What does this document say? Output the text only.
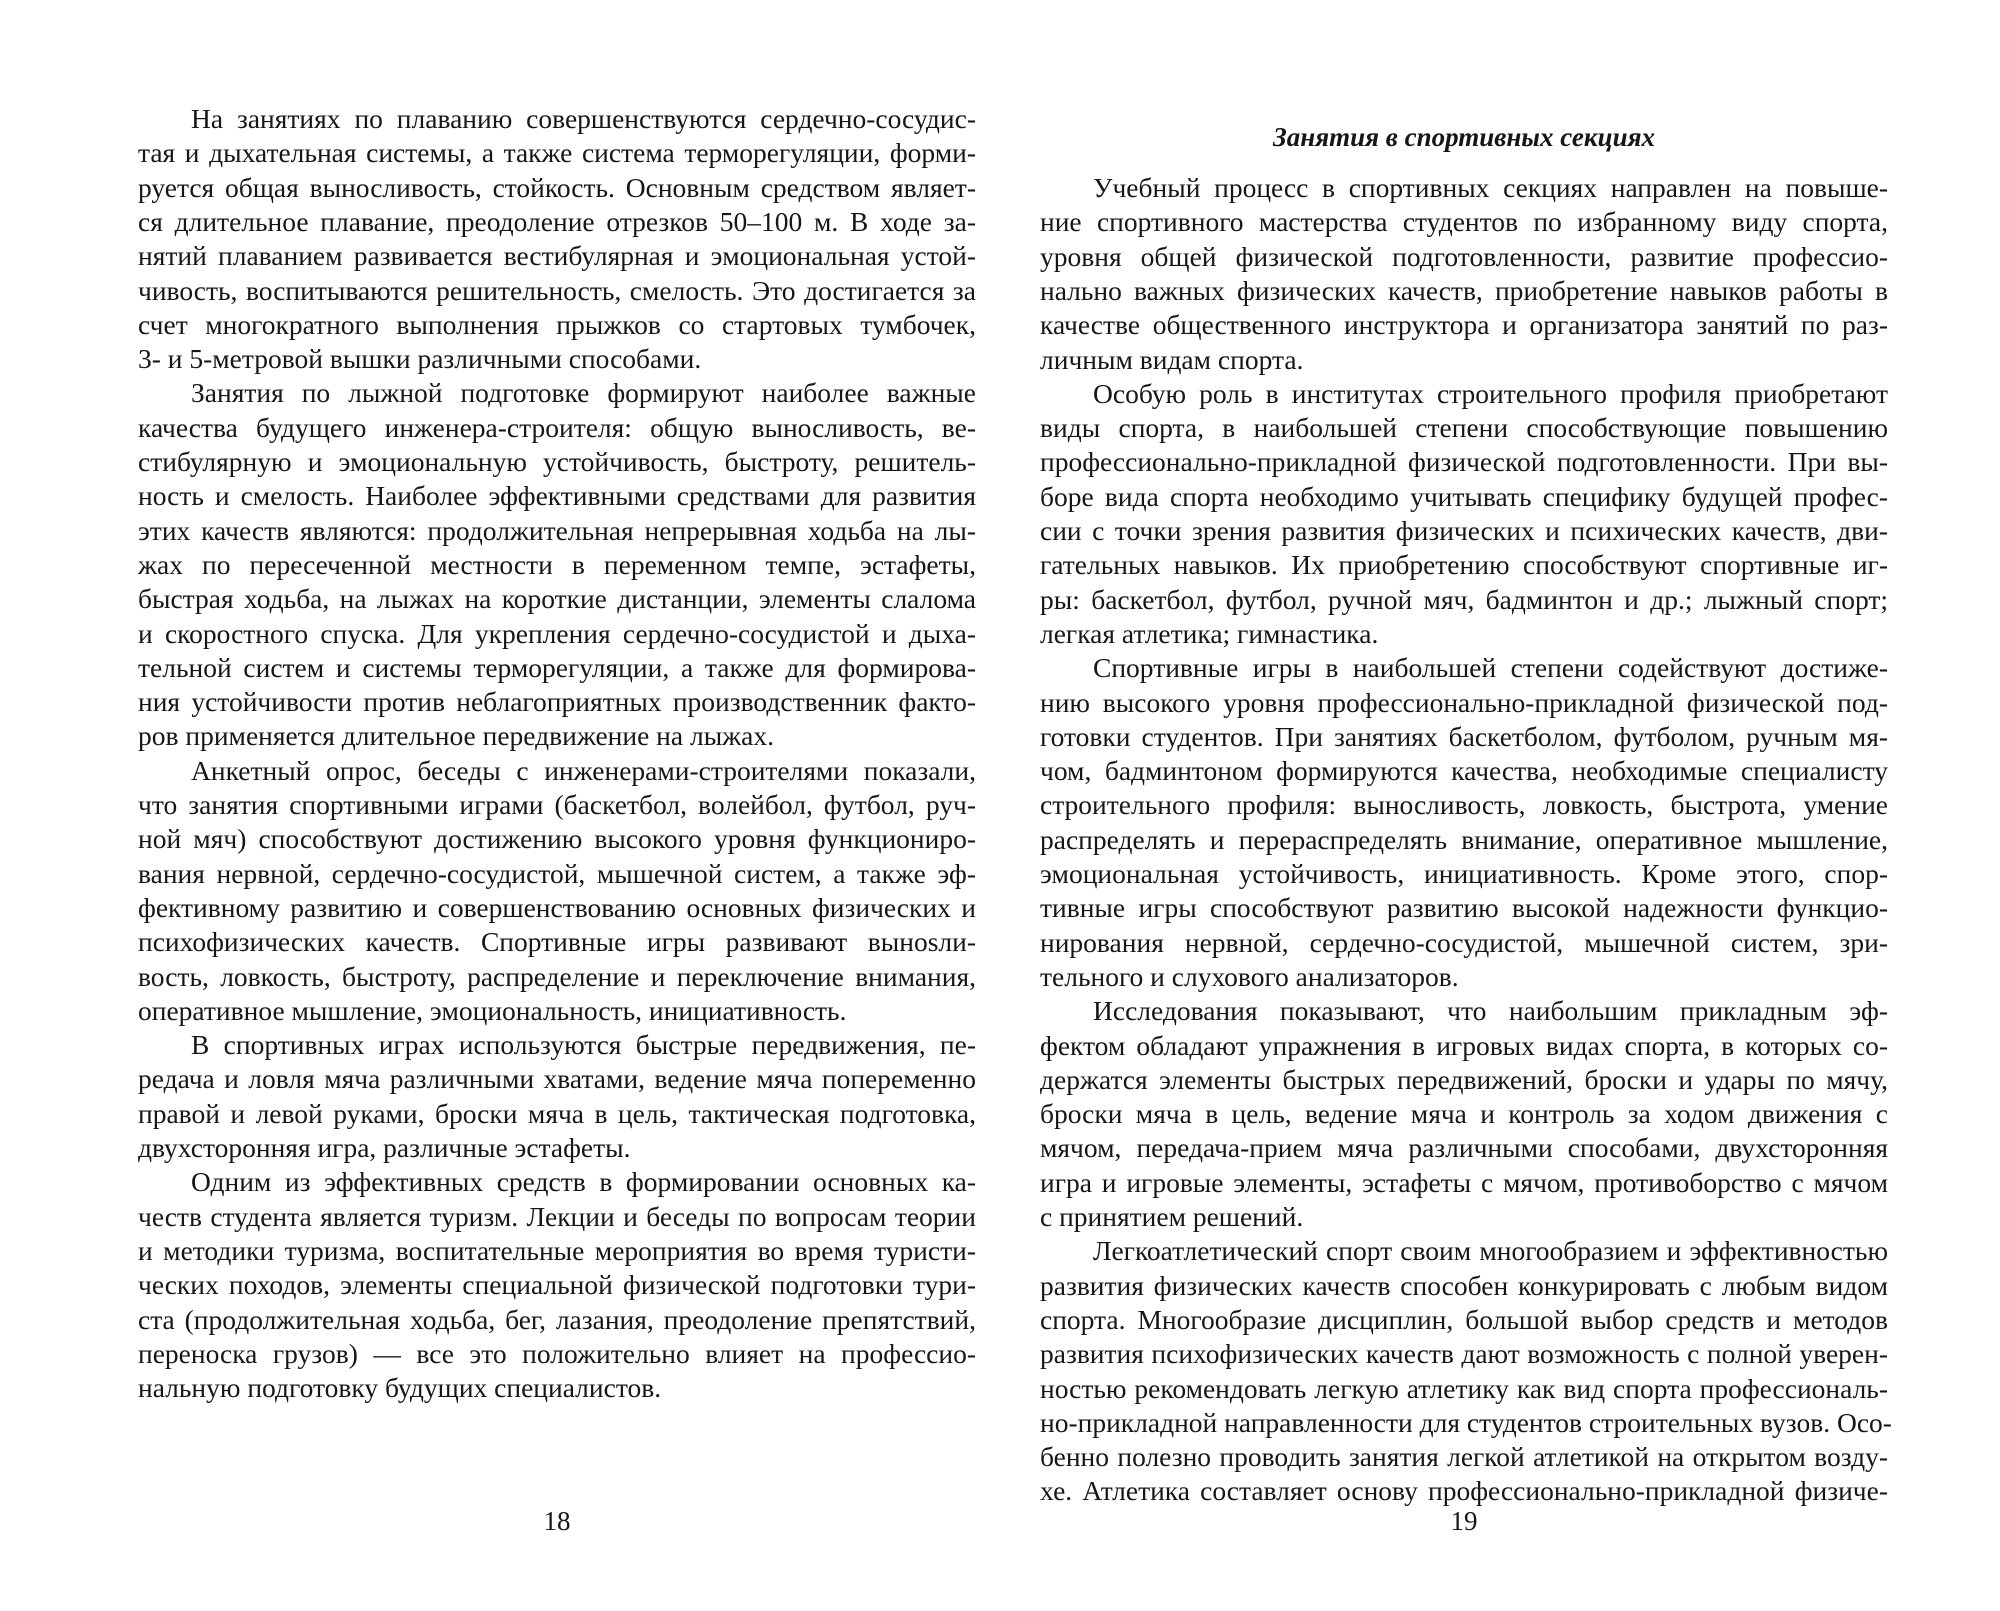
На занятиях по плаванию совершенствуются сердечно-сосудис-
тая и дыхательная системы, а также система терморегуляции, форми-
руется общая выносливость, стойкость. Основным средством являет-
ся длительное плавание, преодоление отрезков 50–100 м. В ходе за-
нятий плаванием развивается вестибулярная и эмоциональная устой-
чивость, воспитываются решительность, смелость. Это достигается за
счет многократного выполнения прыжков со стартовых тумбочек,
3- и 5-метровой вышки различными способами.
Занятия по лыжной подготовке формируют наиболее важные
качества будущего инженера-строителя: общую выносливость, ве-
стибулярную и эмоциональную устойчивость, быстроту, решитель-
ность и смелость. Наиболее эффективными средствами для развития
этих качеств являются: продолжительная непрерывная ходьба на лы-
жах по пересеченной местности в переменном темпе, эстафеты,
быстрая ходьба, на лыжах на короткие дистанции, элементы слалома
и скоростного спуска. Для укрепления сердечно-сосудистой и дыха-
тельной систем и системы терморегуляции, а также для формирова-
ния устойчивости против неблагоприятных производственник факто-
ров применяется длительное передвижение на лыжах.
Анкетный опрос, беседы с инженерами-строителями показали,
что занятия спортивными играми (баскетбол, волейбол, футбол, руч-
ной мяч) способствуют достижению высокого уровня функциониро-
вания нервной, сердечно-сосудистой, мышечной систем, а также эф-
фективному развитию и совершенствованию основных физических и
психофизических качеств. Спортивные игры развивают вынosли-
вость, ловкость, быстроту, распределение и переключение внимания,
оперативное мышление, эмоциональность, инициативность.
В спортивных играх используются быстрые передвижения, пе-
редача и ловля мяча различными хватами, ведение мяча попеременно
правой и левой руками, броски мяча в цель, тактическая подготовка,
двухсторонняя игра, различные эстафеты.
Одним из эффективных средств в формировании основных ка-
честв студента является туризм. Лекции и беседы по вопросам теории
и методики туризма, воспитательные мероприятия во время туристи-
ческих походов, элементы специальной физической подготовки тури-
ста (продолжительная ходьба, бег, лазания, преодоление препятствий,
переноска грузов) — все это положительно влияет на профессио-
нальную подготовку будущих специалистов.
18
Занятия в спортивных секциях
Учебный процесс в спортивных секциях направлен на повыше-
ние спортивного мастерства студентов по избранному виду спорта,
уровня общей физической подготовленности, развитие профессио-
нально важных физических качеств, приобретение навыков работы в
качестве общественного инструктора и организатора занятий по раз-
личным видам спорта.
Особую роль в институтах строительного профиля приобретают
виды спорта, в наибольшей степени способствующие повышению
профессионально-прикладной физической подготовленности. При вы-
боре вида спорта необходимо учитывать специфику будущей профес-
сии с точки зрения развития физических и психических качеств, дви-
гательных навыков. Их приобретению способствуют спортивные иг-
ры: баскетбол, футбол, ручной мяч, бадминтон и др.; лыжный спорт;
легкая атлетика; гимнастика.
Спортивные игры в наибольшей степени содействуют достиже-
нию высокого уровня профессионально-прикладной физической под-
готовки студентов. При занятиях баскетболом, футболом, ручным мя-
чом, бадминтоном формируются качества, необходимые специалисту
строительного профиля: выносливость, ловкость, быстрота, умение
распределять и перераспределять внимание, оперативное мышление,
эмоциональная устойчивость, инициативность. Кроме этого, спор-
тивные игры способствуют развитию высокой надежности функцио-
нирования нервной, сердечно-сосудистой, мышечной систем, зри-
тельного и слухового анализаторов.
Исследования показывают, что наибольшим прикладным эф-
фектом обладают упражнения в игровых видах спорта, в которых со-
держатся элементы быстрых передвижений, броски и удары по мячу,
броски мяча в цель, ведение мяча и контроль за ходом движения с
мячом, передача-прием мяча различными способами, двухсторонняя
игра и игровые элементы, эстафеты с мячом, противоборство с мячом
с принятием решений.
Легкоатлетический спорт своим многообразием и эффективностью
развития физических качеств способен конкурировать с любым видом
спорта. Многообразие дисциплин, большой выбор средств и методов
развития психофизических качеств дают возможность с полной уверен-
ностью рекомендовать легкую атлетику как вид спорта профессиональ-
но-прикладной направленности для студентов строительных вузов. Осо-
бенно полезно проводить занятия легкой атлетикой на открытом возду-
хе. Атлетика составляет основу профессионально-прикладной физиче-
19
